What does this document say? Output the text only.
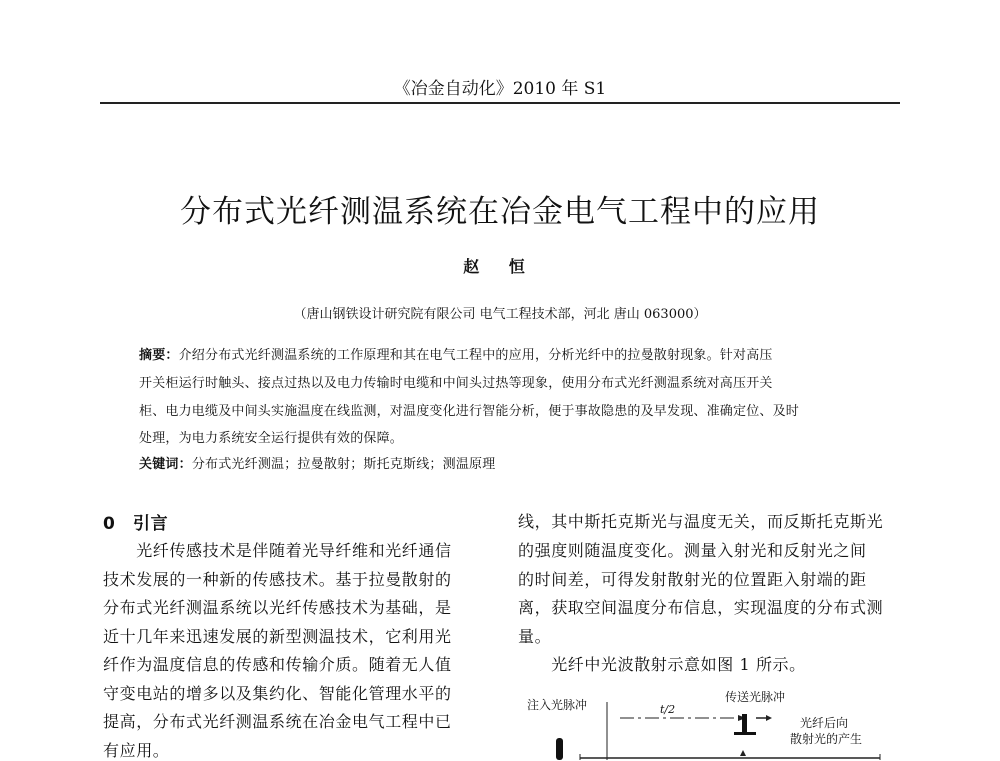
《冶金自动化》2010 年 S1
分布式光纤测温系统在冶金电气工程中的应用
赵 恒
（唐山钢铁设计研究院有限公司 电气工程技术部，河北 唐山 063000）
摘要：介绍分布式光纤测温系统的工作原理和其在电气工程中的应用，分析光纤中的拉曼散射现象。针对高压
开关柜运行时触头、接点过热以及电力传输时电缆和中间头过热等现象，使用分布式光纤测温系统对高压开关
柜、电力电缆及中间头实施温度在线监测，对温度变化进行智能分析，便于事故隐患的及早发现、准确定位、及时
处理，为电力系统安全运行提供有效的保障。
关键词：分布式光纤测温；拉曼散射；斯托克斯线；测温原理
0　引言
　　光纤传感技术是伴随着光导纤维和光纤通信
技术发展的一种新的传感技术。基于拉曼散射的
分布式光纤测温系统以光纤传感技术为基础，是
近十几年来迅速发展的新型测温技术，它利用光
纤作为温度信息的传感和传输介质。随着无人值
守变电站的增多以及集约化、智能化管理水平的
提高，分布式光纤测温系统在冶金电气工程中已
有应用。
线，其中斯托克斯光与温度无关，而反斯托克斯光
的强度则随温度变化。测量入射光和反射光之间
的时间差，可得发射散射光的位置距入射端的距
离，获取空间温度分布信息，实现温度的分布式测
量。
　　光纤中光波散射示意如图 1 所示。
注入光脉冲
传送光脉冲
t/2
光纤后向
散射光的产生
